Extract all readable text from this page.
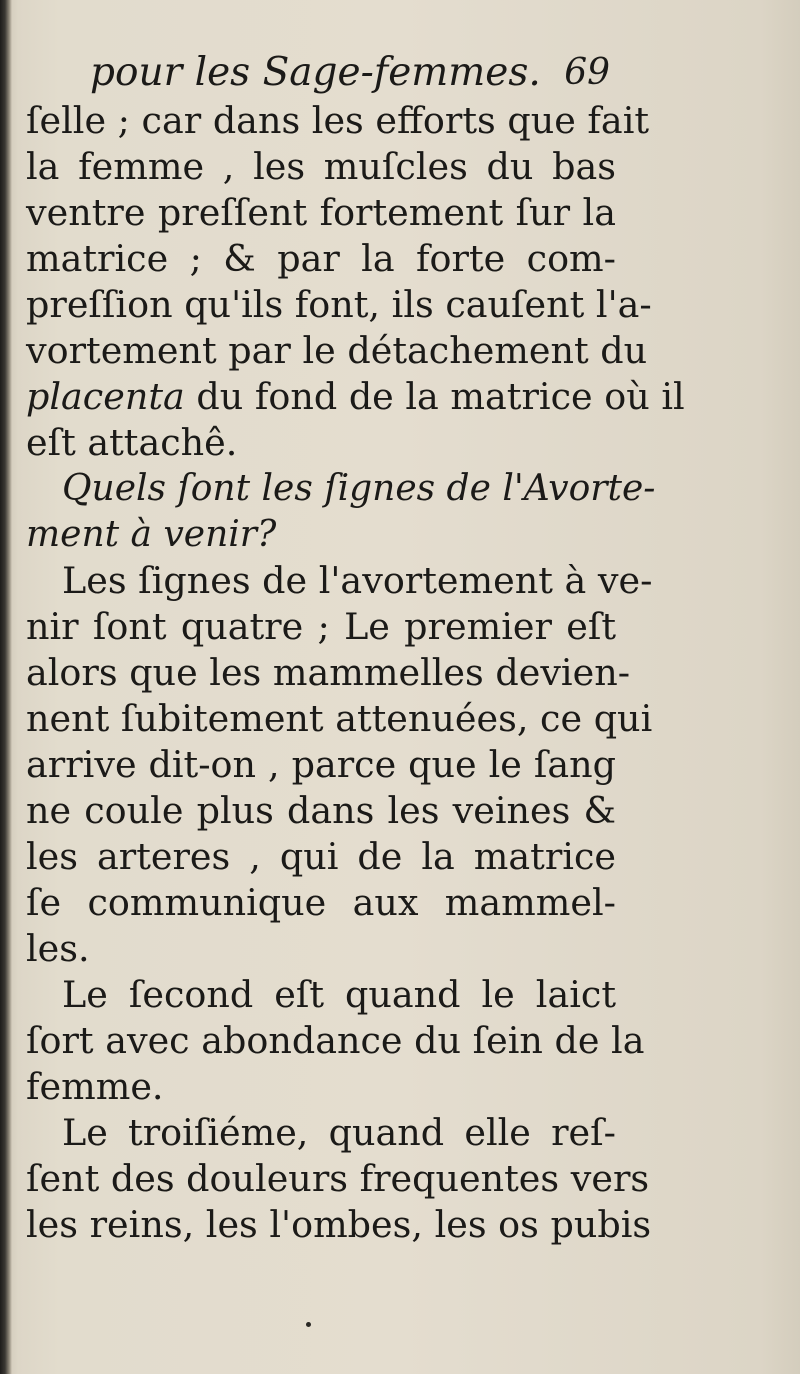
pour les Sage-femmes. 69
ſelle ; car dans les efforts que fait
la femme , les muſcles du bas
ventre preſſent fortement ſur la
matrice ; & par la forte com-
preſſion qu'ils font, ils cauſent l'a-
vortement par le détachement du
placenta du fond de la matrice où il
eſt attachê.
Quels ſont les ſignes de l'Avorte-
ment à venir?
Les ſignes de l'avortement à ve-
nir ſont quatre ; Le premier eſt
alors que les mammelles devien-
nent ſubitement attenuées, ce qui
arrive dit-on , parce que le ſang
ne coule plus dans les veines &
les arteres , qui de la matrice
ſe communique aux mammel-
les.
Le ſecond eſt quand le laict
ſort avec abondance du ſein de la
femme.
Le troiſiéme, quand elle reſ-
ſent des douleurs frequentes vers
les reins, les l'ombes, les os pubis
